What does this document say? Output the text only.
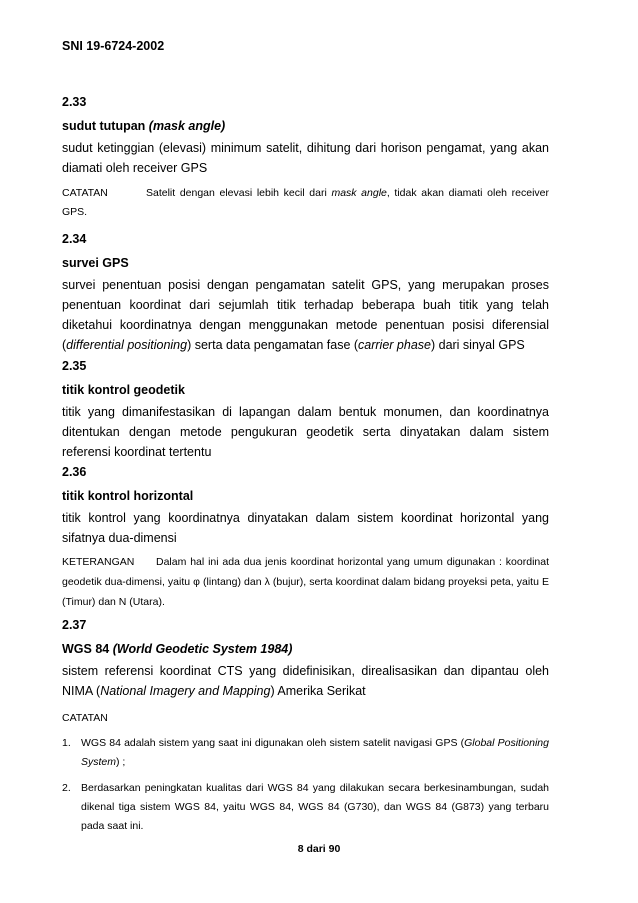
SNI 19-6724-2002
2.33
sudut tutupan (mask angle)
sudut ketinggian (elevasi) minimum satelit, dihitung dari horison pengamat, yang akan diamati oleh receiver GPS
CATATAN	Satelit dengan elevasi lebih kecil dari mask angle, tidak akan diamati oleh receiver GPS.
2.34
survei GPS
survei penentuan posisi dengan pengamatan satelit GPS, yang merupakan proses penentuan koordinat dari sejumlah titik terhadap beberapa buah titik yang telah diketahui koordinatnya dengan menggunakan metode penentuan posisi diferensial (differential positioning) serta data pengamatan fase (carrier phase) dari sinyal GPS
2.35
titik kontrol geodetik
titik yang dimanifestasikan di lapangan dalam bentuk monumen, dan koordinatnya ditentukan dengan metode pengukuran geodetik serta dinyatakan dalam sistem referensi koordinat tertentu
2.36
titik kontrol horizontal
titik kontrol yang koordinatnya dinyatakan dalam sistem koordinat horizontal yang sifatnya dua-dimensi
KETERANGAN Dalam hal ini ada dua jenis koordinat horizontal yang umum digunakan : koordinat geodetik dua-dimensi, yaitu φ (lintang) dan λ (bujur), serta koordinat dalam bidang proyeksi peta, yaitu E (Timur) dan N (Utara).
2.37
WGS 84 (World Geodetic System 1984)
sistem referensi koordinat CTS yang didefinisikan, direalisasikan dan dipantau oleh NIMA (National Imagery and Mapping) Amerika Serikat
CATATAN
1. WGS 84 adalah sistem yang saat ini digunakan oleh sistem satelit navigasi GPS (Global Positioning System) ;
2. Berdasarkan peningkatan kualitas dari WGS 84 yang dilakukan secara berkesinambungan, sudah dikenal tiga sistem WGS 84, yaitu WGS 84, WGS 84 (G730), dan WGS 84 (G873) yang terbaru pada saat ini.
8 dari 90
